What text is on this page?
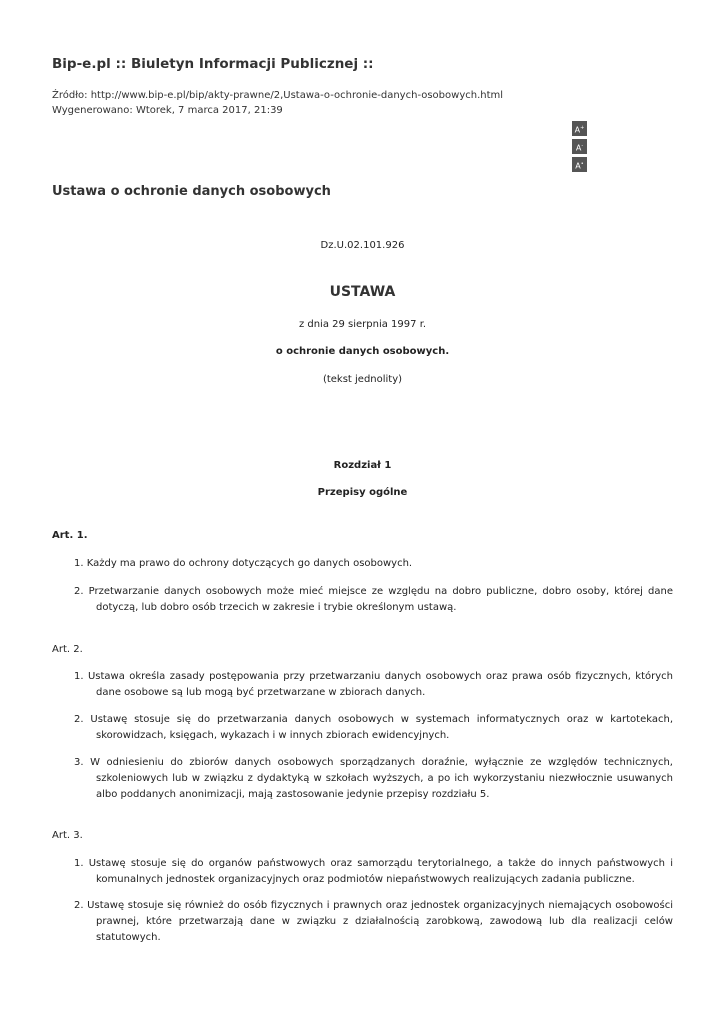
Bip-e.pl :: Biuletyn Informacji Publicznej ::
Źródło: http://www.bip-e.pl/bip/akty-prawne/2,Ustawa-o-ochronie-danych-osobowych.html
Wygenerowano: Wtorek, 7 marca 2017, 21:39
A+
A-
A•
Ustawa o ochronie danych osobowych
Dz.U.02.101.926
USTAWA
z dnia 29 sierpnia 1997 r.
o ochronie danych osobowych.
(tekst jednolity)
Rozdział 1
Przepisy ogólne
Art. 1.
1. Każdy ma prawo do ochrony dotyczących go danych osobowych.
2. Przetwarzanie danych osobowych może mieć miejsce ze względu na dobro publiczne, dobro osoby, której dane dotyczą, lub dobro osób trzecich w zakresie i trybie określonym ustawą.
Art. 2.
1. Ustawa określa zasady postępowania przy przetwarzaniu danych osobowych oraz prawa osób fizycznych, których dane osobowe są lub mogą być przetwarzane w zbiorach danych.
2. Ustawę stosuje się do przetwarzania danych osobowych w systemach informatycznych oraz w kartotekach, skorowidzach, księgach, wykazach i w innych zbiorach ewidencyjnych.
3. W odniesieniu do zbiorów danych osobowych sporządzanych doraźnie, wyłącznie ze względów technicznych, szkoleniowych lub w związku z dydaktyką w szkołach wyższych, a po ich wykorzystaniu niezwłocznie usuwanych albo poddanych anonimizacji, mają zastosowanie jedynie przepisy rozdziału 5.
Art. 3.
1. Ustawę stosuje się do organów państwowych oraz samorządu terytorialnego, a także do innych państwowych i komunalnych jednostek organizacyjnych oraz podmiotów niepaństwowych realizujących zadania publiczne.
2. Ustawę stosuje się również do osób fizycznych i prawnych oraz jednostek organizacyjnych niemających osobowości prawnej, które przetwarzają dane w związku z działalnością zarobkową, zawodową lub dla realizacji celów statutowych.
